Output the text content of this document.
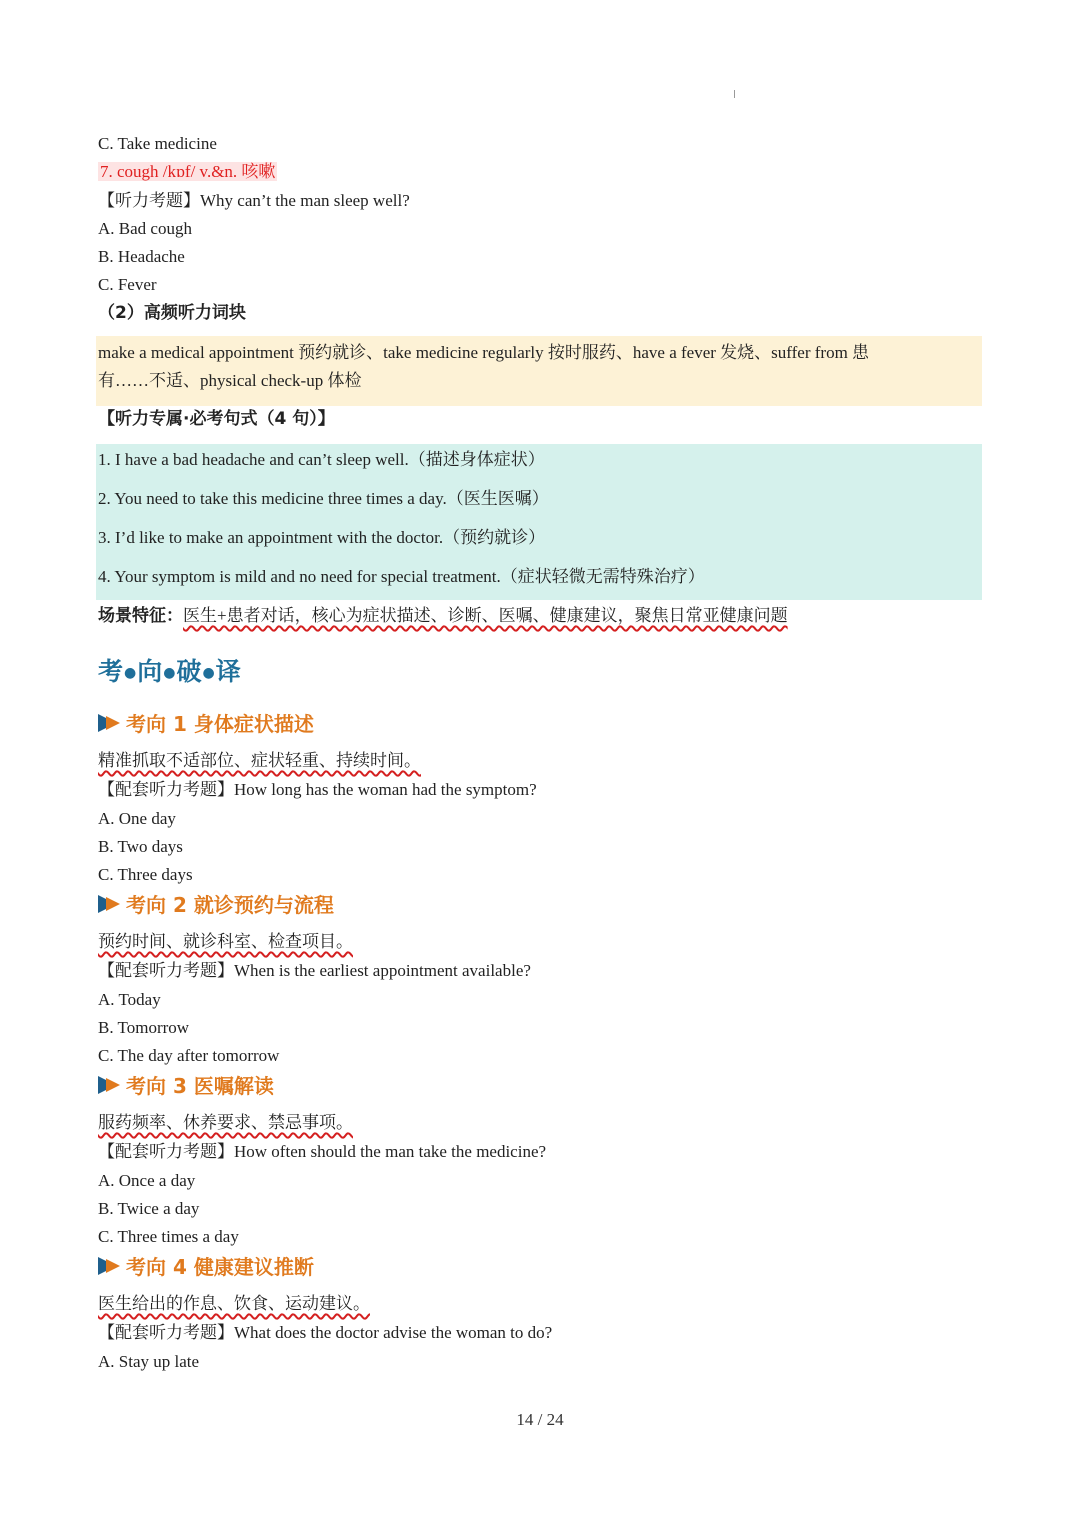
C. Take medicine
7. cough /kɒf/ v.&n. 咳嗽
【听力考题】Why can’t the man sleep well?
A. Bad cough
B. Headache
C. Fever
（2）高频听力词块
make a medical appointment 预约就诊、take medicine regularly 按时服药、have a fever 发烧、suffer from 患
有……不适、physical check-up 体检
【听力专属·必考句式（4 句）】
1. I have a bad headache and can’t sleep well.（描述身体症状）
2. You need to take this medicine three times a day.（医生医嘱）
3. I’d like to make an appointment with the doctor.（预约就诊）
4. Your symptom is mild and no need for special treatment.（症状轻微无需特殊治疗）
场景特征：医生+患者对话，核心为症状描述、诊断、医嘱、健康建议，聚焦日常亚健康问题
考●向●破●译
考向 1 身体症状描述
精准抓取不适部位、症状轻重、持续时间。
【配套听力考题】How long has the woman had the symptom?
A. One day
B. Two days
C. Three days
考向 2 就诊预约与流程
预约时间、就诊科室、检查项目。
【配套听力考题】When is the earliest appointment available?
A. Today
B. Tomorrow
C. The day after tomorrow
考向 3 医嘱解读
服药频率、休养要求、禁忌事项。
【配套听力考题】How often should the man take the medicine?
A. Once a day
B. Twice a day
C. Three times a day
考向 4 健康建议推断
医生给出的作息、饮食、运动建议。
【配套听力考题】What does the doctor advise the woman to do?
A. Stay up late
14 / 24
